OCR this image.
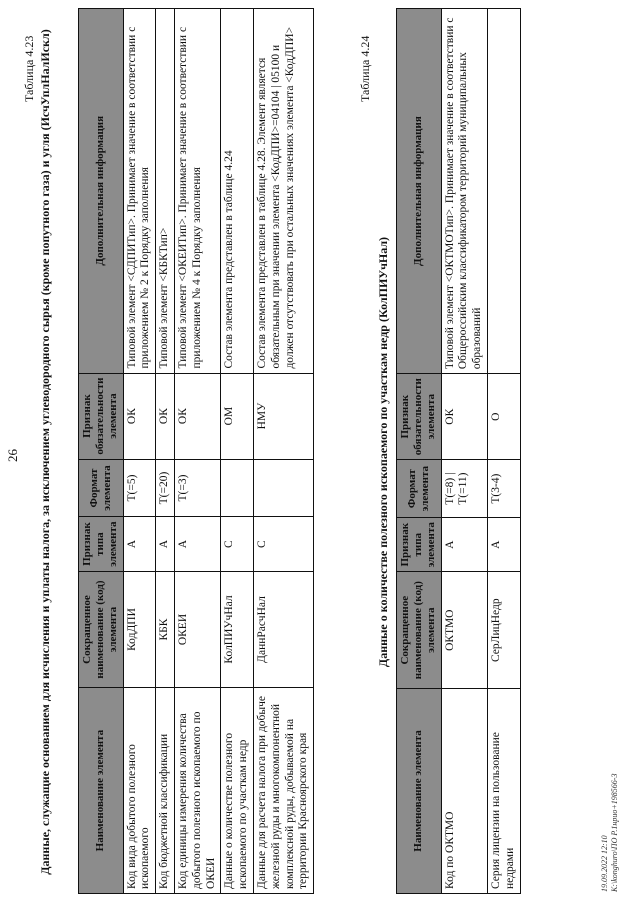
26
Таблица 4.23 Данные, служащие основанием для исчисления и уплаты налога, за исключением углеводородного сырья (кроме попутного газа) и угля (ИсчУплНалИскл)	Наименование элемента	Сокращенное наименование (код) элемента	Признак типа элемента	Формат элемента	Признак обязательности элемента	Дополнительная информация
Код вида добытого полезного ископаемого	КодДПИ	А	T(=5)	ОК	Типовой элемент <СДПИТип>. Принимает значение в соответствии с приложением № 2 к Порядку заполнения
Код бюджетной классификации	КБК	А	T(=20)	ОК	Типовой элемент <КБКТип>
Код единицы измерения количества добытого полезного ископаемого по ОКЕИ	ОКЕИ	А	T(=3)	ОК	Типовой элемент <ОКЕИТип>. Принимает значение в соответствии с приложением № 4 к Порядку заполнения
Данные о количестве полезного ископаемого по участкам недр	КолПИУчНал	С		ОМ	Состав элемента представлен в таблице 4.24
Данные для расчета налога при добыче железной руды и многокомпонентной комплексной руды, добываемой на территории Красноярского края	ДаннРасчНал	С		НМУ	Состав элемента представлен в таблице 4.28. Элемент является обязательным при значении элемента <КодДПИ>=04104 | 05100 и должен отсутствовать при остальных значениях элемента <КодДПИ>	Таблица 4.24
Данные о количестве полезного ископаемого по участкам недр (КолПИУчНал)
Наименование элемента	Сокращенное наименование (код) элемента	Признак типа элемента	Формат элемента	Признак обязательности элемента	Дополнительная информация
Код по ОКТМО	ОКТМО	А	T(=8) | T(=11)	ОК	Типовой элемент <ОКТМОТип>. Принимает значение в соответствии с Общероссийским классификатором территорий муниципальных образований
Серия лицензии на пользование недрами	СерЛицНедр	А	T(3-4)	О	
19.09.2022 12:10 К:\konghuro\ПО Р.1нрио+198566-3
